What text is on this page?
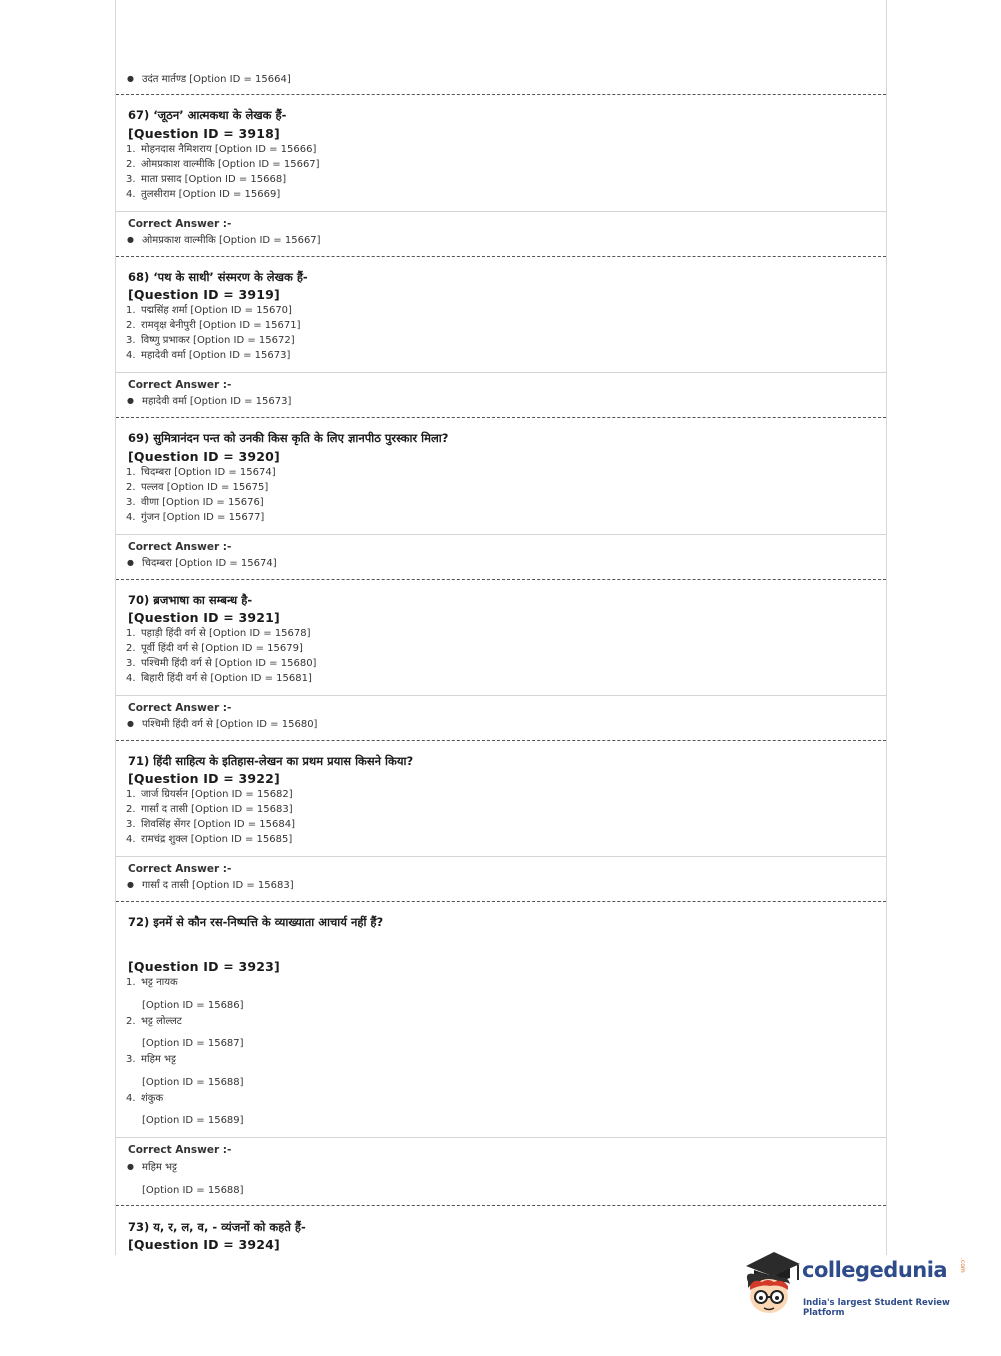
● उदंत मार्तण्ड [Option ID = 15664]
67) ‘जूठन’ आत्मकथा के लेखक हैं-
[Question ID = 3918]
1. मोहनदास नैमिशराय [Option ID = 15666]
2. ओमप्रकाश वाल्मीकि [Option ID = 15667]
3. माता प्रसाद [Option ID = 15668]
4. तुलसीराम [Option ID = 15669]
Correct Answer :-
● ओमप्रकाश वाल्मीकि [Option ID = 15667]
68) ‘पथ के साथी’ संस्मरण के लेखक हैं-
[Question ID = 3919]
1. पद्मसिंह शर्मा [Option ID = 15670]
2. रामवृक्ष बेनीपुरी [Option ID = 15671]
3. विष्णु प्रभाकर [Option ID = 15672]
4. महादेवी वर्मा [Option ID = 15673]
Correct Answer :-
● महादेवी वर्मा [Option ID = 15673]
69) सुमित्रानंदन पन्त को उनकी किस कृति के लिए ज्ञानपीठ पुरस्कार मिला?
[Question ID = 3920]
1. चिदम्बरा [Option ID = 15674]
2. पल्लव [Option ID = 15675]
3. वीणा [Option ID = 15676]
4. गुंजन [Option ID = 15677]
Correct Answer :-
● चिदम्बरा [Option ID = 15674]
70) ब्रजभाषा का सम्बन्ध है-
[Question ID = 3921]
1. पहाड़ी हिंदी वर्ग से [Option ID = 15678]
2. पूर्वी हिंदी वर्ग से [Option ID = 15679]
3. पश्चिमी हिंदी वर्ग से [Option ID = 15680]
4. बिहारी हिंदी वर्ग से [Option ID = 15681]
Correct Answer :-
● पश्चिमी हिंदी वर्ग से [Option ID = 15680]
71) हिंदी साहित्य के इतिहास-लेखन का प्रथम प्रयास किसने किया?
[Question ID = 3922]
1. जार्ज ग्रियर्सन [Option ID = 15682]
2. गार्सां द तासी [Option ID = 15683]
3. शिवसिंह सेंगर [Option ID = 15684]
4. रामचंद्र शुक्ल [Option ID = 15685]
Correct Answer :-
● गार्सां द तासी [Option ID = 15683]
72) इनमें से कौन रस-निष्पत्ति के व्याख्याता आचार्य नहीं हैं?
[Question ID = 3923]
1. भट्ट नायक
[Option ID = 15686]
2. भट्ट लोल्लट
[Option ID = 15687]
3. महिम भट्ट
[Option ID = 15688]
4. शंकुक
[Option ID = 15689]
Correct Answer :-
● महिम भट्ट
[Option ID = 15688]
73) य, र, ल, व, - व्यंजनों को कहते हैं-
[Question ID = 3924]
collegedunia .com
India's largest Student Review Platform
